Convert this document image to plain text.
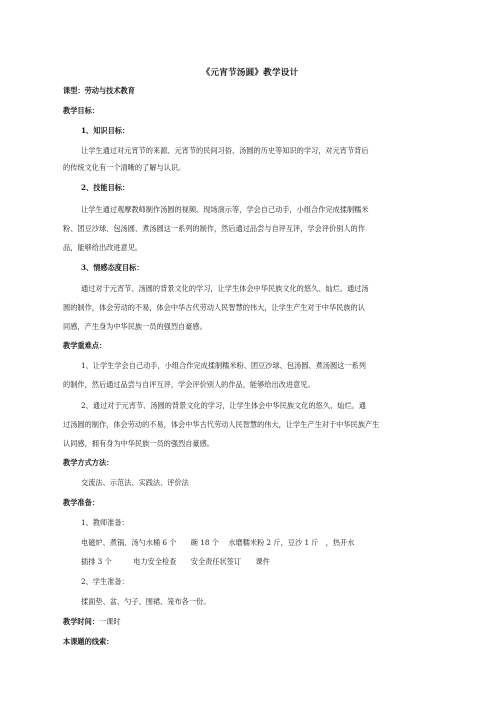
《元宵节汤圆》教学设计
课型：劳动与技术教育
教学目标：
1、知识目标：
让学生通过对元宵节的来源、元宵节的民间习俗、汤圆的历史等知识的学习，对元宵节背后
的传统文化有一个清晰的了解与认识。
2、技能目标：
让学生通过观摩教师制作汤圆的视频、现场演示等，学会自己动手，小组合作完成揉制糯米
粉、团豆沙球、包汤圆、煮汤圆这一系列的制作，然后通过品尝与自评互评，学会评价别人的作
品，能够给出改进意见。
3、情感态度目标：
通过对于元宵节、汤圆的背景文化的学习，让学生体会中华民族文化的悠久、灿烂。通过汤
圆的制作，体会劳动的不易，体会中华古代劳动人民智慧的伟大，让学生产生对于中华民族的认
同感，产生身为中华民族一员的强烈自豪感。
教学重难点：
1、让学生学会自己动手，小组合作完成揉制糯米粉、团豆沙球、包汤圆、煮汤圆这一系列
的制作，然后通过品尝与自评互评，学会评价别人的作品，能够给出改进意见。
2、通过对于元宵节、汤圆的背景文化的学习，让学生体会中华民族文化的悠久、灿烂。通
过汤圆的制作，体会劳动的不易，体会中华古代劳动人民智慧的伟大，让学生产生对于中华民族产生
认同感，拥有身为中华民族一员的强烈自豪感。
教学方式方法：
交流法、示范法、实践法、评价法
教学准备：
1、教师准备：
电磁炉、煮锅、汤勺水桶 6 个　　碗 18 个　 水磨糯米粉 2 斤，豆沙 1 斤　，热开水
插排 3 个　　　电力安全检查　　安全责任状签订　　课件
2、学生准备：
揉面垫、盆、勺子、围裙、笼布各一份。
教学时间：一课时
本课题的线索：
